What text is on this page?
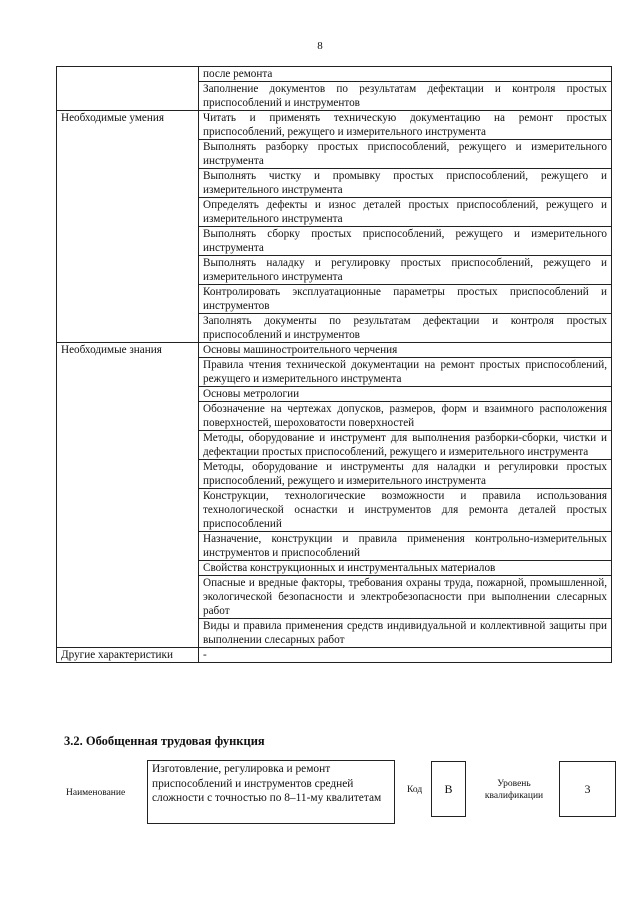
8
	после ремонта
	Заполнение документов по результатам дефектации и контроля простых приспособлений и инструментов
Необходимые умения	Читать и применять техническую документацию на ремонт простых приспособлений, режущего и измерительного инструмента
	Выполнять разборку простых приспособлений, режущего и измерительного инструмента
	Выполнять чистку и промывку простых приспособлений, режущего и измерительного инструмента
	Определять дефекты и износ деталей простых приспособлений, режущего и измерительного инструмента
	Выполнять сборку простых приспособлений, режущего и измерительного инструмента
	Выполнять наладку и регулировку простых приспособлений, режущего и измерительного инструмента
	Контролировать эксплуатационные параметры простых приспособлений и инструментов
	Заполнять документы по результатам дефектации и контроля простых приспособлений и инструментов
Необходимые знания	Основы машиностроительного черчения
	Правила чтения технической документации на ремонт простых приспособлений, режущего и измерительного инструмента
	Основы метрологии
	Обозначение на чертежах допусков, размеров, форм и взаимного расположения поверхностей, шероховатости поверхностей
	Методы, оборудование и инструмент для выполнения разборки-сборки, чистки и дефектации простых приспособлений, режущего и измерительного инструмента
	Методы, оборудование и инструменты для наладки и регулировки простых приспособлений, режущего и измерительного инструмента
	Конструкции, технологические возможности и правила использования технологической оснастки и инструментов для ремонта деталей простых приспособлений
	Назначение, конструкции и правила применения контрольно-измерительных инструментов и приспособлений
	Свойства конструкционных и инструментальных материалов
	Опасные и вредные факторы, требования охраны труда, пожарной, промышленной, экологической безопасности и электробезопасности при выполнении слесарных работ
	Виды и правила применения средств индивидуальной и коллективной защиты при выполнении слесарных работ
Другие характеристики	-
3.2. Обобщенная трудовая функция
Наименование
Изготовление, регулировка и ремонт приспособлений и инструментов средней сложности с точностью по 8–11-му квалитетам
Код	B	Уровень квалификации
3
